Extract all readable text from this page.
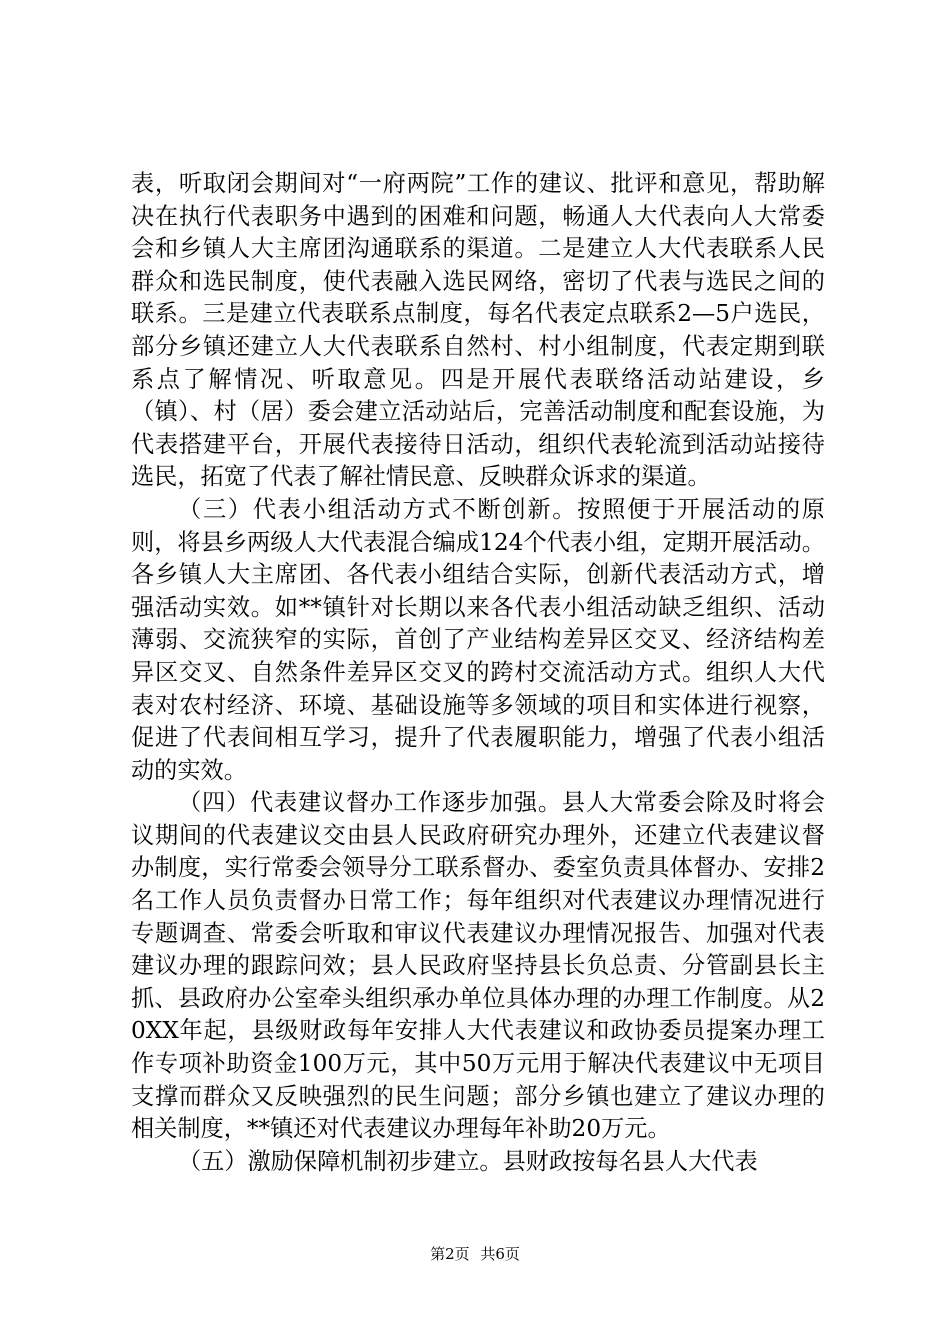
表，听取闭会期间对“一府两院”工作的建议、批评和意见，帮助解决在执行代表职务中遇到的困难和问题，畅通人大代表向人大常委会和乡镇人大主席团沟通联系的渠道。二是建立人大代表联系人民群众和选民制度，使代表融入选民网络，密切了代表与选民之间的联系。三是建立代表联系点制度，每名代表定点联系2—5户选民，部分乡镇还建立人大代表联系自然村、村小组制度，代表定期到联系点了解情况、听取意见。四是开展代表联络活动站建设，乡（镇）、村（居）委会建立活动站后，完善活动制度和配套设施，为代表搭建平台，开展代表接待日活动，组织代表轮流到活动站接待选民，拓宽了代表了解社情民意、反映群众诉求的渠道。

（三）代表小组活动方式不断创新。按照便于开展活动的原则，将县乡两级人大代表混合编成124个代表小组，定期开展活动。各乡镇人大主席团、各代表小组结合实际，创新代表活动方式，增强活动实效。如**镇针对长期以来各代表小组活动缺乏组织、活动薄弱、交流狭窄的实际，首创了产业结构差异区交叉、经济结构差异区交叉、自然条件差异区交叉的跨村交流活动方式。组织人大代表对农村经济、环境、基础设施等多领域的项目和实体进行视察，促进了代表间相互学习，提升了代表履职能力，增强了代表小组活动的实效。

（四）代表建议督办工作逐步加强。县人大常委会除及时将会议期间的代表建议交由县人民政府研究办理外，还建立代表建议督办制度，实行常委会领导分工联系督办、委室负责具体督办、安排2名工作人员负责督办日常工作；每年组织对代表建议办理情况进行专题调查、常委会听取和审议代表建议办理情况报告、加强对代表建议办理的跟踪问效；县人民政府坚持县长负总责、分管副县长主抓、县政府办公室牵头组织承办单位具体办理的办理工作制度。从20XX年起，县级财政每年安排人大代表建议和政协委员提案办理工作专项补助资金100万元，其中50万元用于解决代表建议中无项目支撑而群众又反映强烈的民生问题；部分乡镇也建立了建议办理的相关制度，**镇还对代表建议办理每年补助20万元。

（五）激励保障机制初步建立。县财政按每名县人大代表

第2页 共6页
